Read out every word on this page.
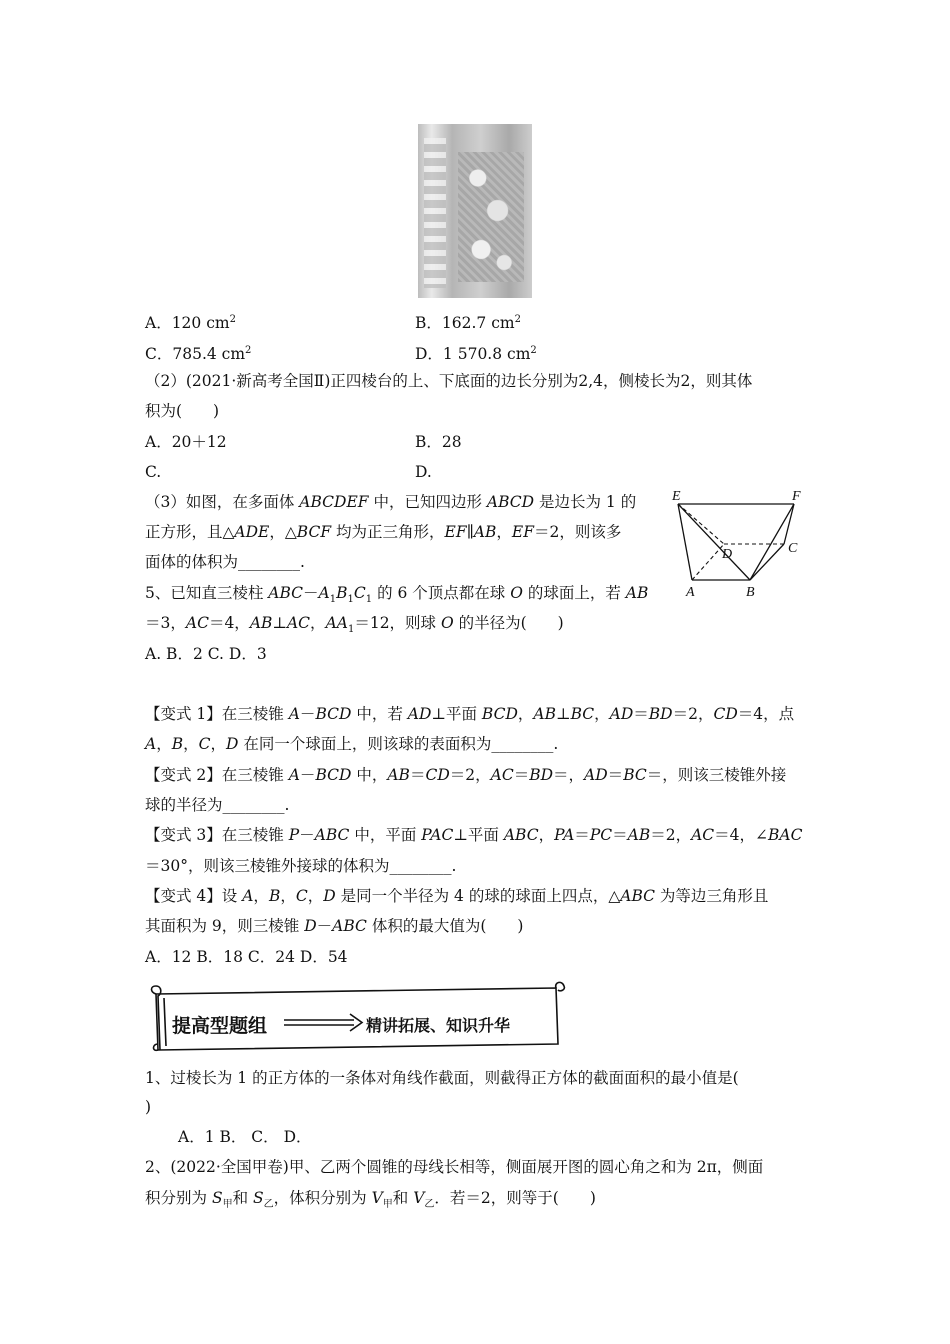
A．120 $cm^2$	B．162.7 $cm^2$
C．785.4 $cm^2$	D．1 570.8 $cm^2$
（2）(2021·新高考全国Ⅱ)正四棱台的上、下底面的边长分别为2,4，侧棱长为2，则其体
积为(　　)
A．20＋12	B．28
C.	D.
（3）如图，在多面体 ABCDEF 中，已知四边形 ABCD 是边长为 1 的
正方形，且△ADE，△BCF 均为正三角形，EF∥AB，EF＝2，则该多
面体的体积为________.
E	F
D	C
A	B
5、已知直三棱柱 $ABC-A_1B_1C_1$ 的 6 个顶点都在球 O 的球面上，若 AB
＝3，AC＝4，AB⊥AC，$AA_1=12$，则球 O 的半径为(　　)
A. B．2 C. D．3
【变式 1】在三棱锥 A－BCD 中，若 AD⊥平面 BCD，AB⊥BC，AD＝BD＝2，CD＝4，点
A，B，C，D 在同一个球面上，则该球的表面积为________.
【变式 2】在三棱锥 A－BCD 中，AB＝CD＝2，AC＝BD＝，AD＝BC＝，则该三棱锥外接
球的半径为________.
【变式 3】在三棱锥 P－ABC 中，平面 PAC⊥平面 ABC，PA＝PC＝AB＝2，AC＝4，∠BAC
＝30°，则该三棱锥外接球的体积为________.
【变式 4】设 A，B，C，D 是同一个半径为 4 的球的球面上四点，△ABC 为等边三角形且
其面积为 9，则三棱锥 D－ABC 体积的最大值为(　　)
A．12 B．18 C．24 D．54
提高型题组	精讲拓展、知识升华
1、过棱长为 1 的正方体的一条体对角线作截面，则截得正方体的截面面积的最小值是(
)
A．1 B． C． D．
2、(2022·全国甲卷)甲、乙两个圆锥的母线长相等，侧面展开图的圆心角之和为 2π，侧面
积分别为 $S_甲$和 $S_乙$，体积分别为 $V_甲$和 $V_乙$．若＝2，则等于(　　)
